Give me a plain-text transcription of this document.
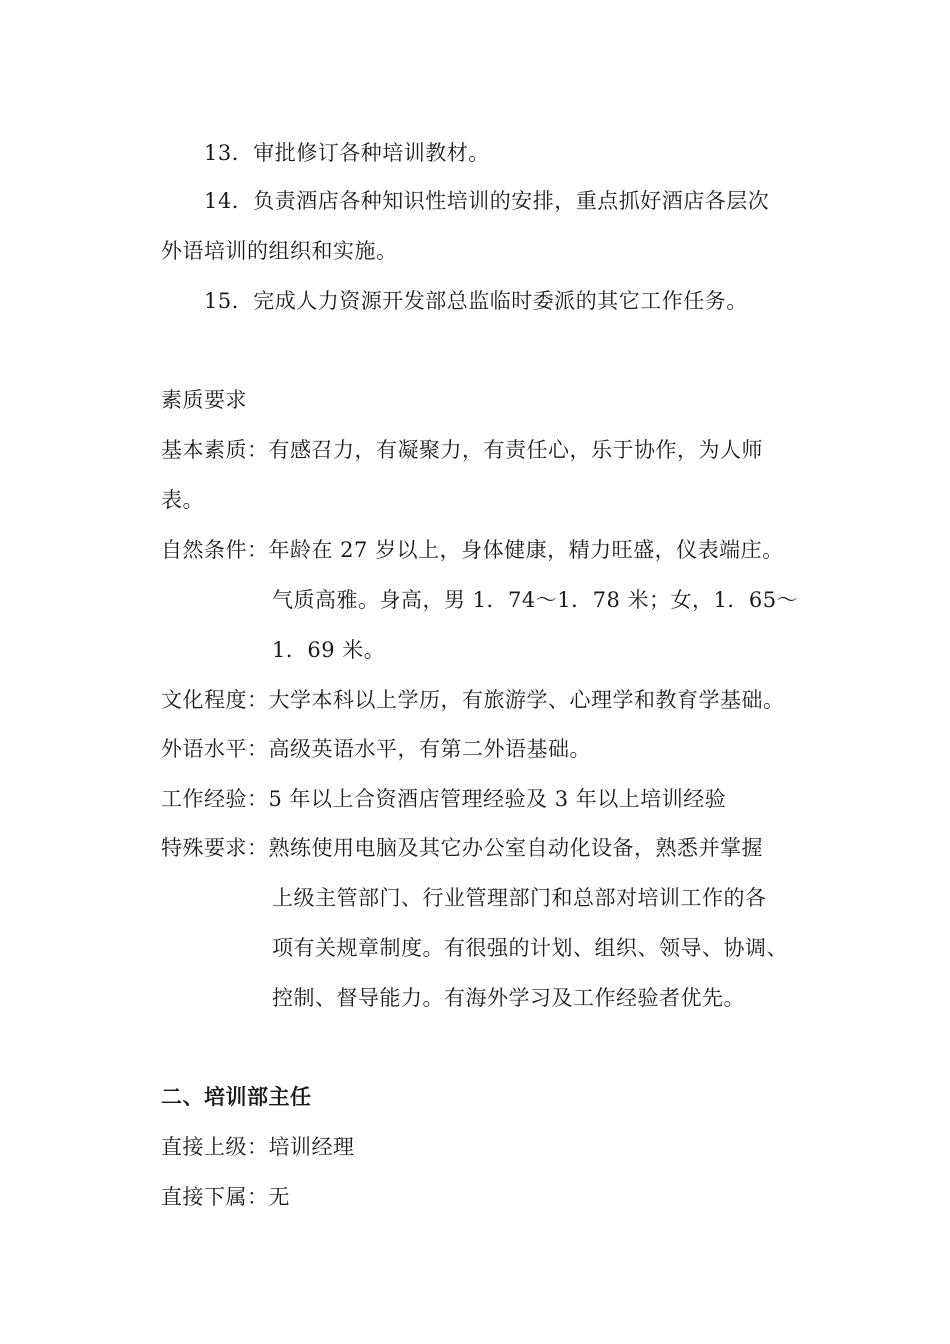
13．审批修订各种培训教材。
14．负责酒店各种知识性培训的安排，重点抓好酒店各层次
外语培训的组织和实施。
15．完成人力资源开发部总监临时委派的其它工作任务。
素质要求
基本素质：有感召力，有凝聚力，有责任心，乐于协作，为人师
表。
自然条件：年龄在 27 岁以上，身体健康，精力旺盛，仪表端庄。
气质高雅。身高，男 1．74～1．78 米；女，1．65～
1．69 米。
文化程度：大学本科以上学历，有旅游学、心理学和教育学基础。
外语水平：高级英语水平，有第二外语基础。
工作经验：5 年以上合资酒店管理经验及 3 年以上培训经验
特殊要求：熟练使用电脑及其它办公室自动化设备，熟悉并掌握
上级主管部门、行业管理部门和总部对培训工作的各
项有关规章制度。有很强的计划、组织、领导、协调、
控制、督导能力。有海外学习及工作经验者优先。
二、培训部主任
直接上级：培训经理
直接下属：无
